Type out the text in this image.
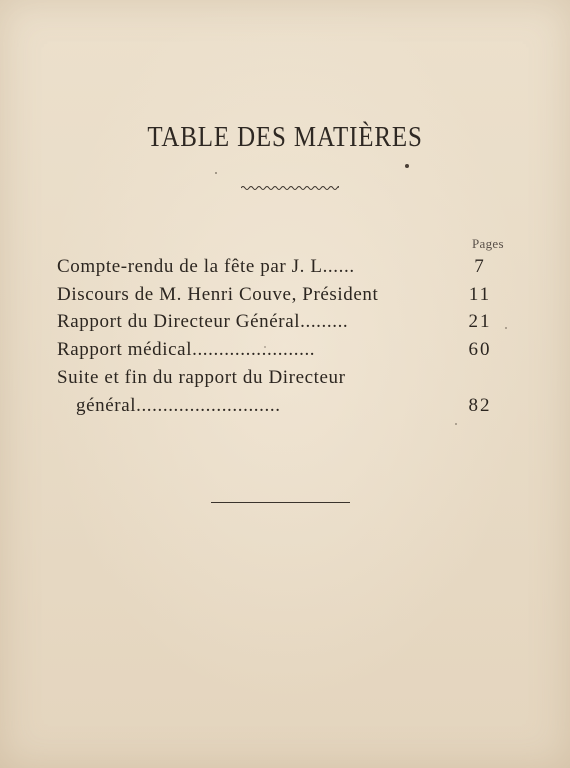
TABLE DES MATIÈRES
Pages
Compte-rendu de la fête par J. L......	7
Discours de M. Henri Couve, Président	11
Rapport du Directeur Général.........	21
Rapport médical.......................	60
Suite et fin du rapport du Directeur
général...........................	82
